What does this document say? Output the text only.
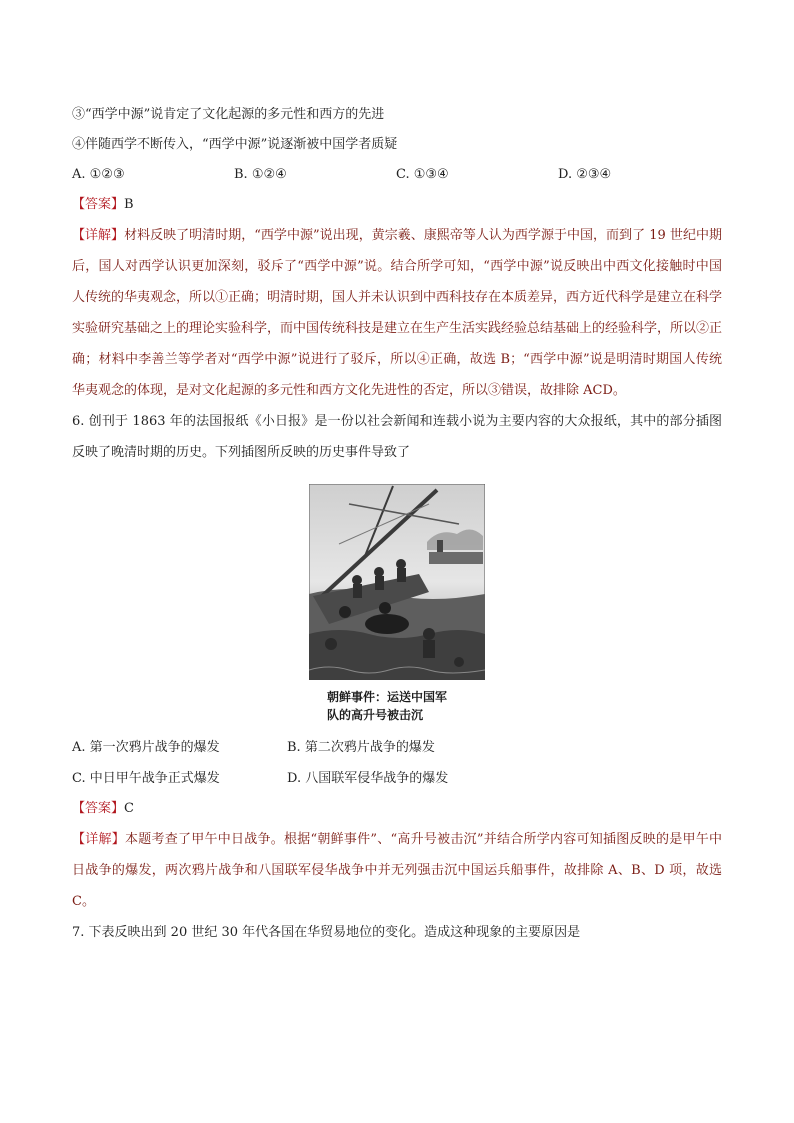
③“西学中源”说肯定了文化起源的多元性和西方的先进

④伴随西学不断传入，“西学中源”说逐渐被中国学者质疑

A. ①②③	B. ①②④	C. ①③④	D. ②③④

【答案】B

【详解】材料反映了明清时期，“西学中源”说出现，黄宗羲、康熙帝等人认为西学源于中国，而到了 19 世纪中期后，国人对西学认识更加深刻，驳斥了“西学中源”说。结合所学可知，“西学中源”说反映出中西文化接触时中国人传统的华夷观念，所以①正确；明清时期，国人并未认识到中西科技存在本质差异，西方近代科学是建立在科学实验研究基础之上的理论实验科学，而中国传统科技是建立在生产生活实践经验总结基础上的经验科学，所以②正确；材料中李善兰等学者对“西学中源”说进行了驳斥，所以④正确，故选 B；“西学中源”说是明清时期国人传统华夷观念的体现，是对文化起源的多元性和西方文化先进性的否定，所以③错误，故排除 ACD。

6. 创刊于 1863 年的法国报纸《小日报》是一份以社会新闻和连载小说为主要内容的大众报纸，其中的部分插图反映了晚清时期的历史。下列插图所反映的历史事件导致了

朝鲜事件：运送中国军
队的高升号被击沉
A. 第一次鸦片战争的爆发	B. 第二次鸦片战争的爆发
C. 中日甲午战争正式爆发	D. 八国联军侵华战争的爆发

【答案】C

【详解】本题考查了甲午中日战争。根据“朝鲜事件”、“高升号被击沉”并结合所学内容可知插图反映的是甲午中日战争的爆发，两次鸦片战争和八国联军侵华战争中并无列强击沉中国运兵船事件，故排除 A、B、D 项，故选 C。

7. 下表反映出到 20 世纪 30 年代各国在华贸易地位的变化。造成这种现象的主要原因是
